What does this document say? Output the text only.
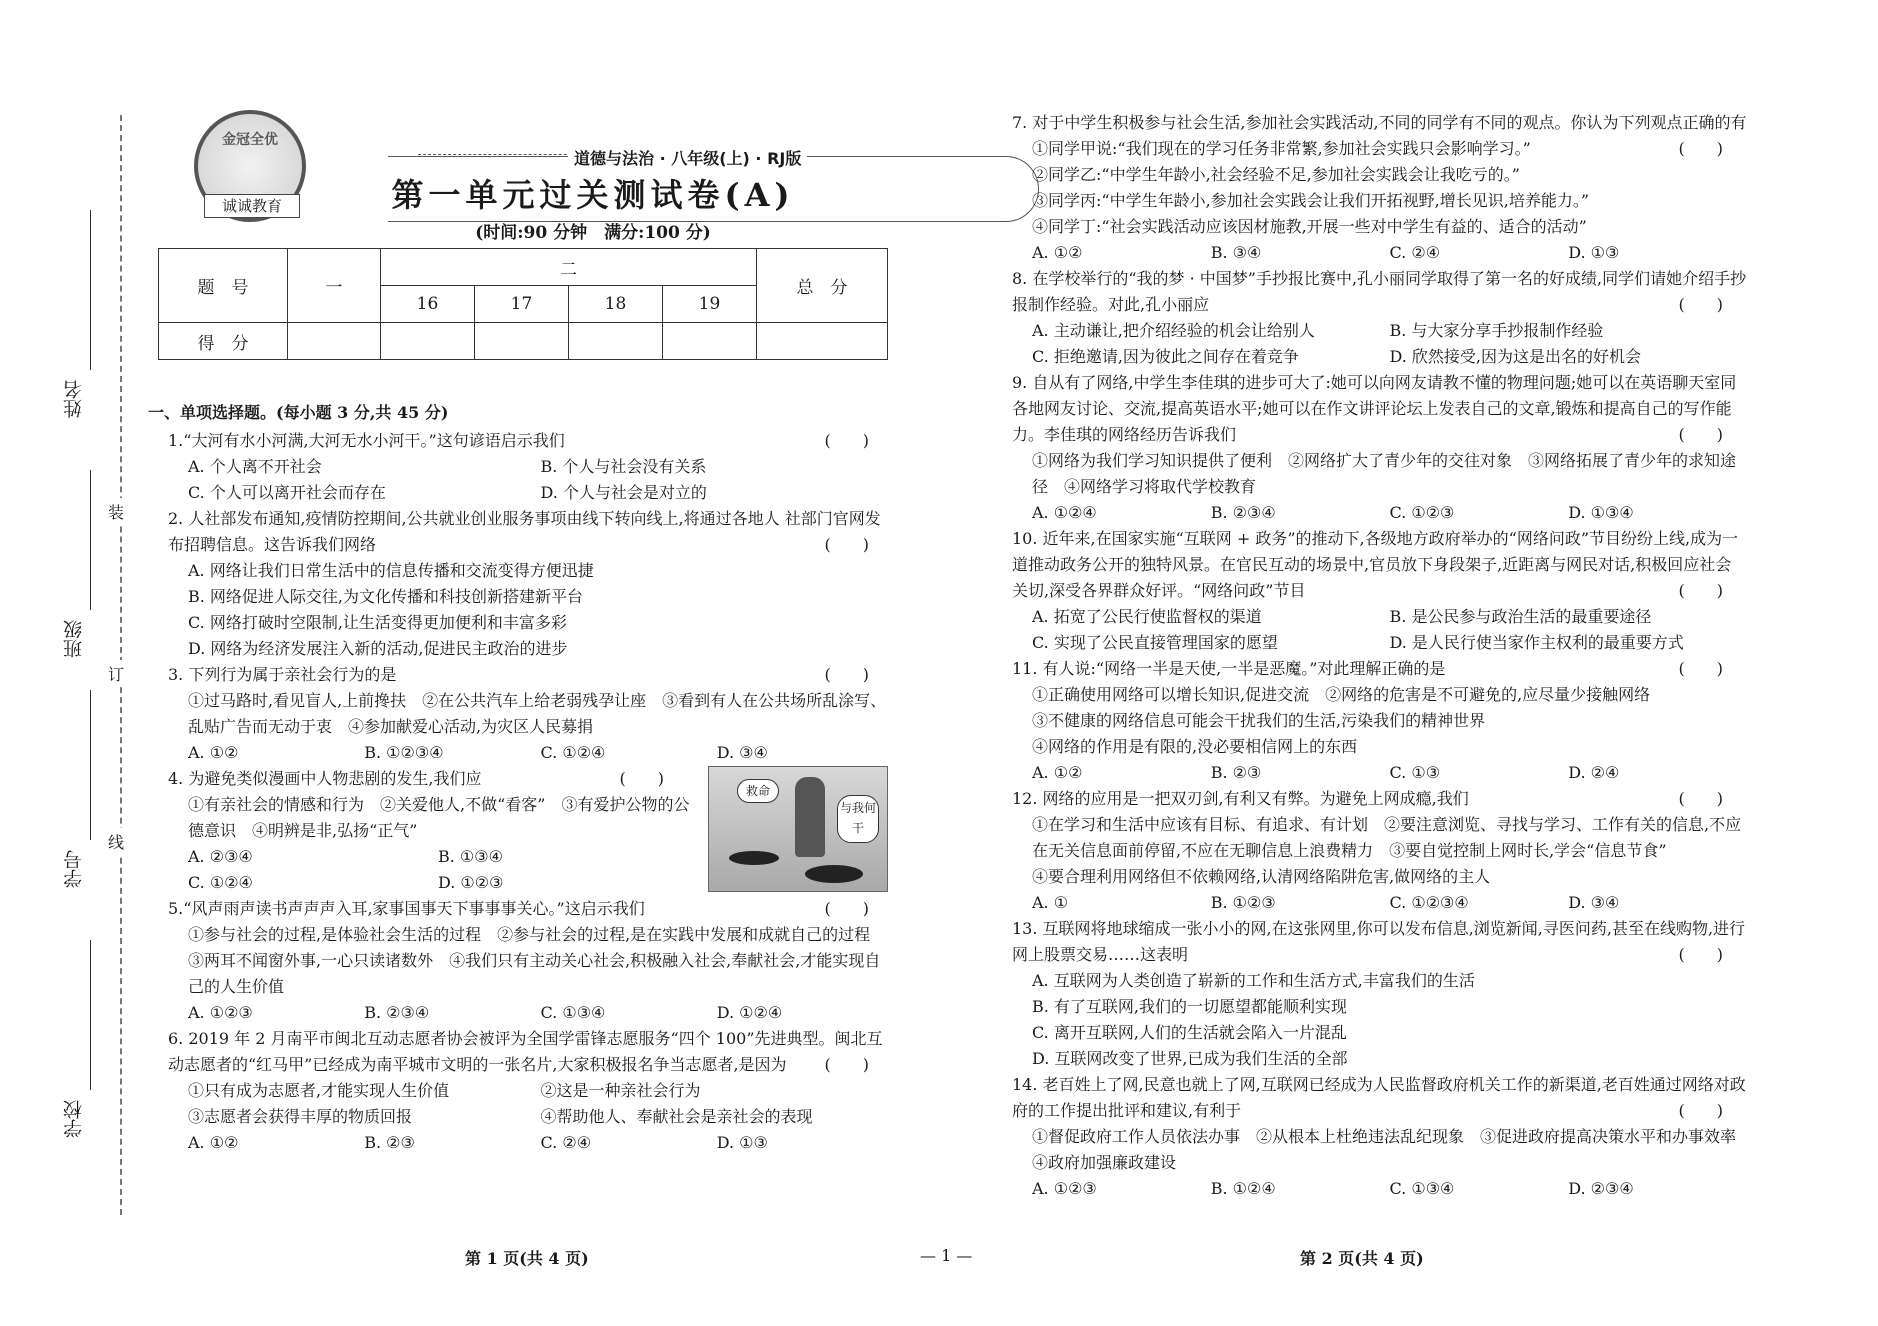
装
订
线
姓名
班级
学号
学校
金冠全优
诚诚教育
道德与法治 · 八年级(上) · RJ版
第一单元过关测试卷(A)
(时间:90 分钟　满分:100 分)
题　号	一	二				总　分
		16	17	18	19	
得　分						
一、单项选择题。(每小题 3 分,共 45 分)
1.“大河有水小河满,大河无水小河干。”这句谚语启示我们	(　　)
A. 个人离不开社会	B. 个人与社会没有关系
C. 个人可以离开社会而存在	D. 个人与社会是对立的
2. 人社部发布通知,疫情防控期间,公共就业创业服务事项由线下转向线上,将通过各地人 社部门官网发布招聘信息。这告诉我们网络	(　　)
A. 网络让我们日常生活中的信息传播和交流变得方便迅捷
B. 网络促进人际交往,为文化传播和科技创新搭建新平台
C. 网络打破时空限制,让生活变得更加便利和丰富多彩
D. 网络为经济发展注入新的活动,促进民主政治的进步
3. 下列行为属于亲社会行为的是	(　　)
①过马路时,看见盲人,上前搀扶　②在公共汽车上给老弱残孕让座　③看到有人在公共场所乱涂写、乱贴广告而无动于衷　④参加献爱心活动,为灾区人民募捐
A. ①②	B. ①②③④	C. ①②④	D. ③④
4. 为避免类似漫画中人物悲剧的发生,我们应	(　　)
①有亲社会的情感和行为　②关爱他人,不做“看客”　③有爱护公物的公德意识　④明辨是非,弘扬“正气”
A. ②③④	B. ①③④
C. ①②④	D. ①②③
救命
与我何干
5.“风声雨声读书声声声入耳,家事国事天下事事事关心。”这启示我们	(　　)
①参与社会的过程,是体验社会生活的过程　②参与社会的过程,是在实践中发展和成就自己的过程　③两耳不闻窗外事,一心只读诸数外　④我们只有主动关心社会,积极融入社会,奉献社会,才能实现自己的人生价值
A. ①②③	B. ②③④	C. ①③④	D. ①②④
6. 2019 年 2 月南平市闽北互动志愿者协会被评为全国学雷锋志愿服务“四个 100”先进典型。闽北互动志愿者的“红马甲”已经成为南平城市文明的一张名片,大家积极报名争当志愿者,是因为 (　　)
①只有成为志愿者,才能实现人生价值	②这是一种亲社会行为
③志愿者会获得丰厚的物质回报	④帮助他人、奉献社会是亲社会的表现
A. ①②	B. ②③	C. ②④	D. ①③
7. 对于中学生积极参与社会生活,参加社会实践活动,不同的同学有不同的观点。你认为下列观点正确的有
(　　)
①同学甲说:“我们现在的学习任务非常繁,参加社会实践只会影响学习。”
②同学乙:“中学生年龄小,社会经验不足,参加社会实践会让我吃亏的。”
③同学丙:“中学生年龄小,参加社会实践会让我们开拓视野,增长见识,培养能力。”
④同学丁:“社会实践活动应该因材施教,开展一些对中学生有益的、适合的活动”
A. ①②	B. ③④	C. ②④	D. ①③
8. 在学校举行的“我的梦 · 中国梦”手抄报比赛中,孔小丽同学取得了第一名的好成绩,同学们请她介绍手抄报制作经验。对此,孔小丽应	(　　)
A. 主动谦让,把介绍经验的机会让给别人	B. 与大家分享手抄报制作经验
C. 拒绝邀请,因为彼此之间存在着竞争	D. 欣然接受,因为这是出名的好机会
9. 自从有了网络,中学生李佳琪的进步可大了:她可以向网友请教不懂的物理问题;她可以在英语聊天室同各地网友讨论、交流,提高英语水平;她可以在作文讲评论坛上发表自己的文章,锻炼和提高自己的写作能力。李佳琪的网络经历告诉我们	(　　)
①网络为我们学习知识提供了便利　②网络扩大了青少年的交往对象　③网络拓展了青少年的求知途径　④网络学习将取代学校教育
A. ①②④	B. ②③④	C. ①②③	D. ①③④
10. 近年来,在国家实施“互联网 + 政务”的推动下,各级地方政府举办的“网络问政”节目纷纷上线,成为一道推动政务公开的独特风景。在官民互动的场景中,官员放下身段架子,近距离与网民对话,积极回应社会关切,深受各界群众好评。“网络问政”节目	(　　)
A. 拓宽了公民行使监督权的渠道	B. 是公民参与政治生活的最重要途径
C. 实现了公民直接管理国家的愿望	D. 是人民行使当家作主权利的最重要方式
11. 有人说:“网络一半是天使,一半是恶魔。”对此理解正确的是	(　　)
①正确使用网络可以增长知识,促进交流　②网络的危害是不可避免的,应尽量少接触网络
③不健康的网络信息可能会干扰我们的生活,污染我们的精神世界
④网络的作用是有限的,没必要相信网上的东西
A. ①②	B. ②③	C. ①③	D. ②④
12. 网络的应用是一把双刃剑,有利又有弊。为避免上网成瘾,我们	(　　)
①在学习和生活中应该有目标、有追求、有计划　②要注意浏览、寻找与学习、工作有关的信息,不应在无关信息面前停留,不应在无聊信息上浪费精力　③要自觉控制上网时长,学会“信息节食”
④要合理利用网络但不依赖网络,认清网络陷阱危害,做网络的主人
A. ①	B. ①②③	C. ①②③④	D. ③④
13. 互联网将地球缩成一张小小的网,在这张网里,你可以发布信息,浏览新闻,寻医问药,甚至在线购物,进行网上股票交易……这表明	(　　)
A. 互联网为人类创造了崭新的工作和生活方式,丰富我们的生活
B. 有了互联网,我们的一切愿望都能顺利实现
C. 离开互联网,人们的生活就会陷入一片混乱
D. 互联网改变了世界,已成为我们生活的全部
14. 老百姓上了网,民意也就上了网,互联网已经成为人民监督政府机关工作的新渠道,老百姓通过网络对政府的工作提出批评和建议,有利于	(　　)
①督促政府工作人员依法办事　②从根本上杜绝违法乱纪现象　③促进政府提高决策水平和办事效率　④政府加强廉政建设
A. ①②③	B. ①②④	C. ①③④	D. ②③④
第 1 页(共 4 页)	— 1 —	第 2 页(共 4 页)
